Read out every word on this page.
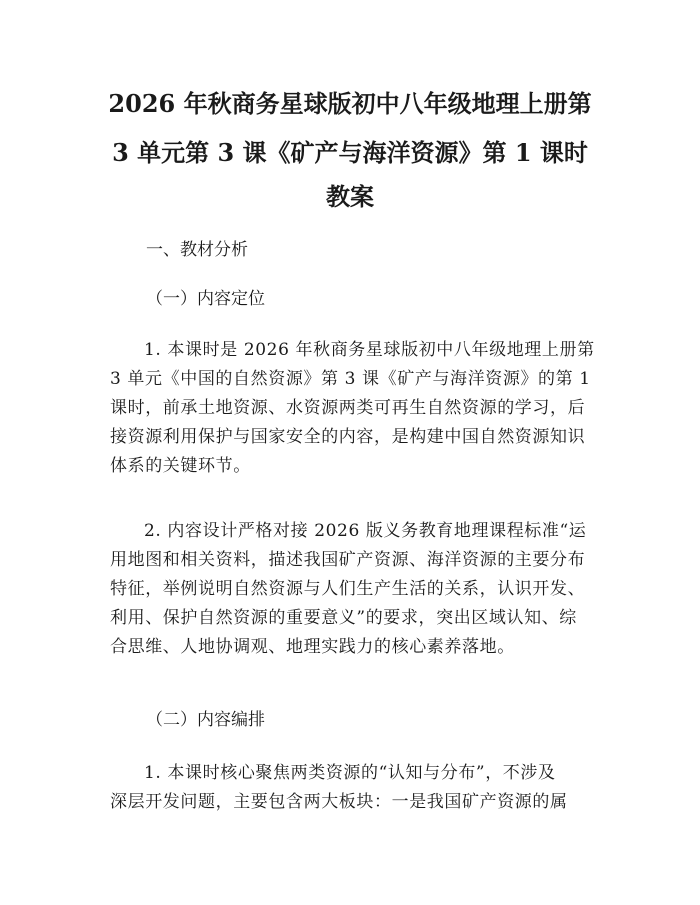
2026 年秋商务星球版初中八年级地理上册第
3 单元第 3 课《矿产与海洋资源》第 1 课时
教案
一、教材分析
（一）内容定位
1. 本课时是 2026 年秋商务星球版初中八年级地理上册第
3 单元《中国的自然资源》第 3 课《矿产与海洋资源》的第 1
课时，前承土地资源、水资源两类可再生自然资源的学习，后
接资源利用保护与国家安全的内容，是构建中国自然资源知识
体系的关键环节。
2. 内容设计严格对接 2026 版义务教育地理课程标准“运
用地图和相关资料，描述我国矿产资源、海洋资源的主要分布
特征，举例说明自然资源与人们生产生活的关系，认识开发、
利用、保护自然资源的重要意义”的要求，突出区域认知、综
合思维、人地协调观、地理实践力的核心素养落地。
（二）内容编排
1. 本课时核心聚焦两类资源的“认知与分布”，不涉及
深层开发问题，主要包含两大板块：一是我国矿产资源的属
